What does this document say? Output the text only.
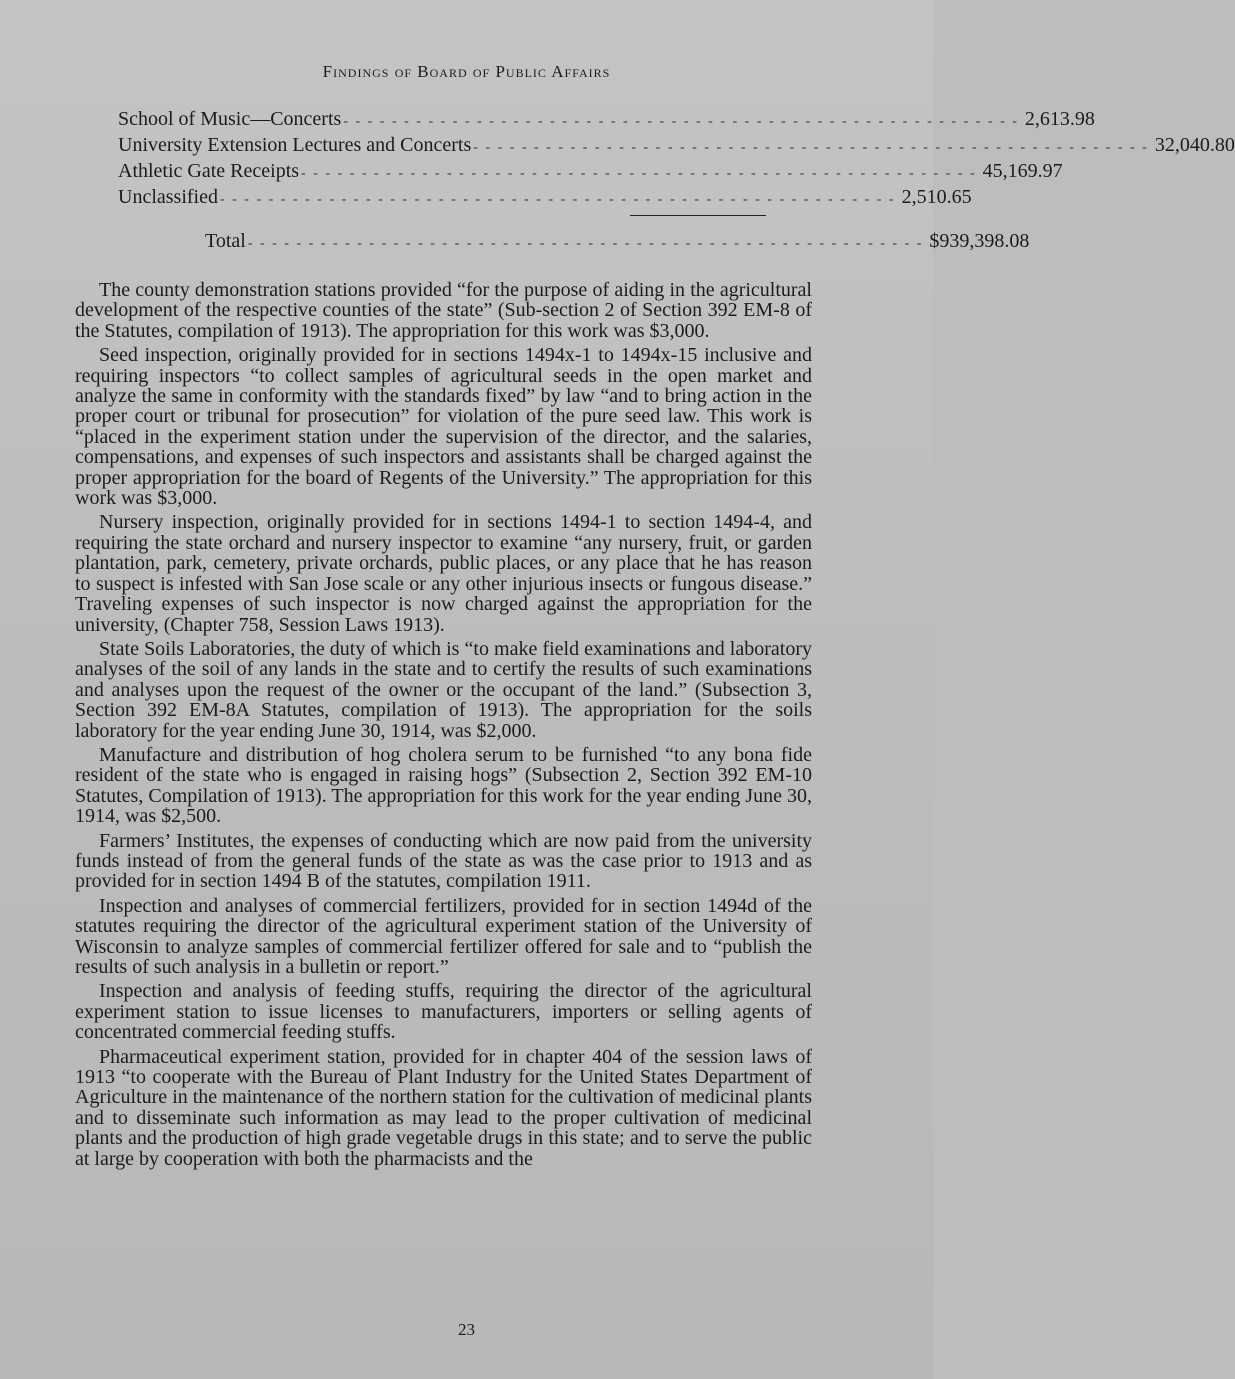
Findings of Board of Public Affairs
School of Music—Concerts - - - - - - - - - - - - - - - - - - - - - - - - - - - - - - - - - - - - - - - - - - - - - - - - - - - - - - - - 2,613.98
University Extension Lectures and Concerts - - - - - - - - - - - - - - - - - - - - - - - - - - - - - - - - - - - - - - - - - - - - - - - - - - - - - - - - 32,040.80
Athletic Gate Receipts - - - - - - - - - - - - - - - - - - - - - - - - - - - - - - - - - - - - - - - - - - - - - - - - - - - - - - - - 45,169.97
Unclassified - - - - - - - - - - - - - - - - - - - - - - - - - - - - - - - - - - - - - - - - - - - - - - - - - - - - - - - - 2,510.65
Total - - - - - - - - - - - - - - - - - - - - - - - - - - - - - - - - - - - - - - - - - - - - - - - - - - - - - - - - $939,398.08

The county demonstration stations provided “for the purpose of aiding in the agricultural development of the respective counties of the state” (Sub-section 2 of Section 392 EM-8 of the Statutes, compilation of 1913). The appropriation for this work was $3,000.

Seed inspection, originally provided for in sections 1494x-1 to 1494x-15 inclusive and requiring inspectors “to collect samples of agricultural seeds in the open market and analyze the same in conformity with the standards fixed” by law “and to bring action in the proper court or tribunal for prosecution” for violation of the pure seed law. This work is “placed in the experiment station under the supervision of the director, and the salaries, compensations, and expenses of such inspectors and assistants shall be charged against the proper appropriation for the board of Regents of the University.” The appropriation for this work was $3,000.

Nursery inspection, originally provided for in sections 1494-1 to section 1494-4, and requiring the state orchard and nursery inspector to examine “any nursery, fruit, or garden plantation, park, cemetery, private orchards, public places, or any place that he has reason to suspect is infested with San Jose scale or any other injurious insects or fungous disease.” Traveling expenses of such inspector is now charged against the appropriation for the university, (Chapter 758, Session Laws 1913).

State Soils Laboratories, the duty of which is “to make field examinations and laboratory analyses of the soil of any lands in the state and to certify the results of such examinations and analyses upon the request of the owner or the occupant of the land.” (Subsection 3, Section 392 EM-8A Statutes, compilation of 1913). The appropriation for the soils laboratory for the year ending June 30, 1914, was $2,000.

Manufacture and distribution of hog cholera serum to be furnished “to any bona fide resident of the state who is engaged in raising hogs” (Subsection 2, Section 392 EM-10 Statutes, Compilation of 1913). The appropriation for this work for the year ending June 30, 1914, was $2,500.

Farmers’ Institutes, the expenses of conducting which are now paid from the university funds instead of from the general funds of the state as was the case prior to 1913 and as provided for in section 1494 B of the statutes, compilation 1911.

Inspection and analyses of commercial fertilizers, provided for in section 1494d of the statutes requiring the director of the agricultural experiment station of the University of Wisconsin to analyze samples of commercial fertilizer offered for sale and to “publish the results of such analysis in a bulletin or report.”

Inspection and analysis of feeding stuffs, requiring the director of the agricultural experiment station to issue licenses to manufacturers, importers or selling agents of concentrated commercial feeding stuffs.

Pharmaceutical experiment station, provided for in chapter 404 of the session laws of 1913 “to cooperate with the Bureau of Plant Industry for the United States Department of Agriculture in the maintenance of the northern station for the cultivation of medicinal plants and to disseminate such information as may lead to the proper cultivation of medicinal plants and the production of high grade vegetable drugs in this state; and to serve the public at large by cooperation with both the pharmacists and the

23
